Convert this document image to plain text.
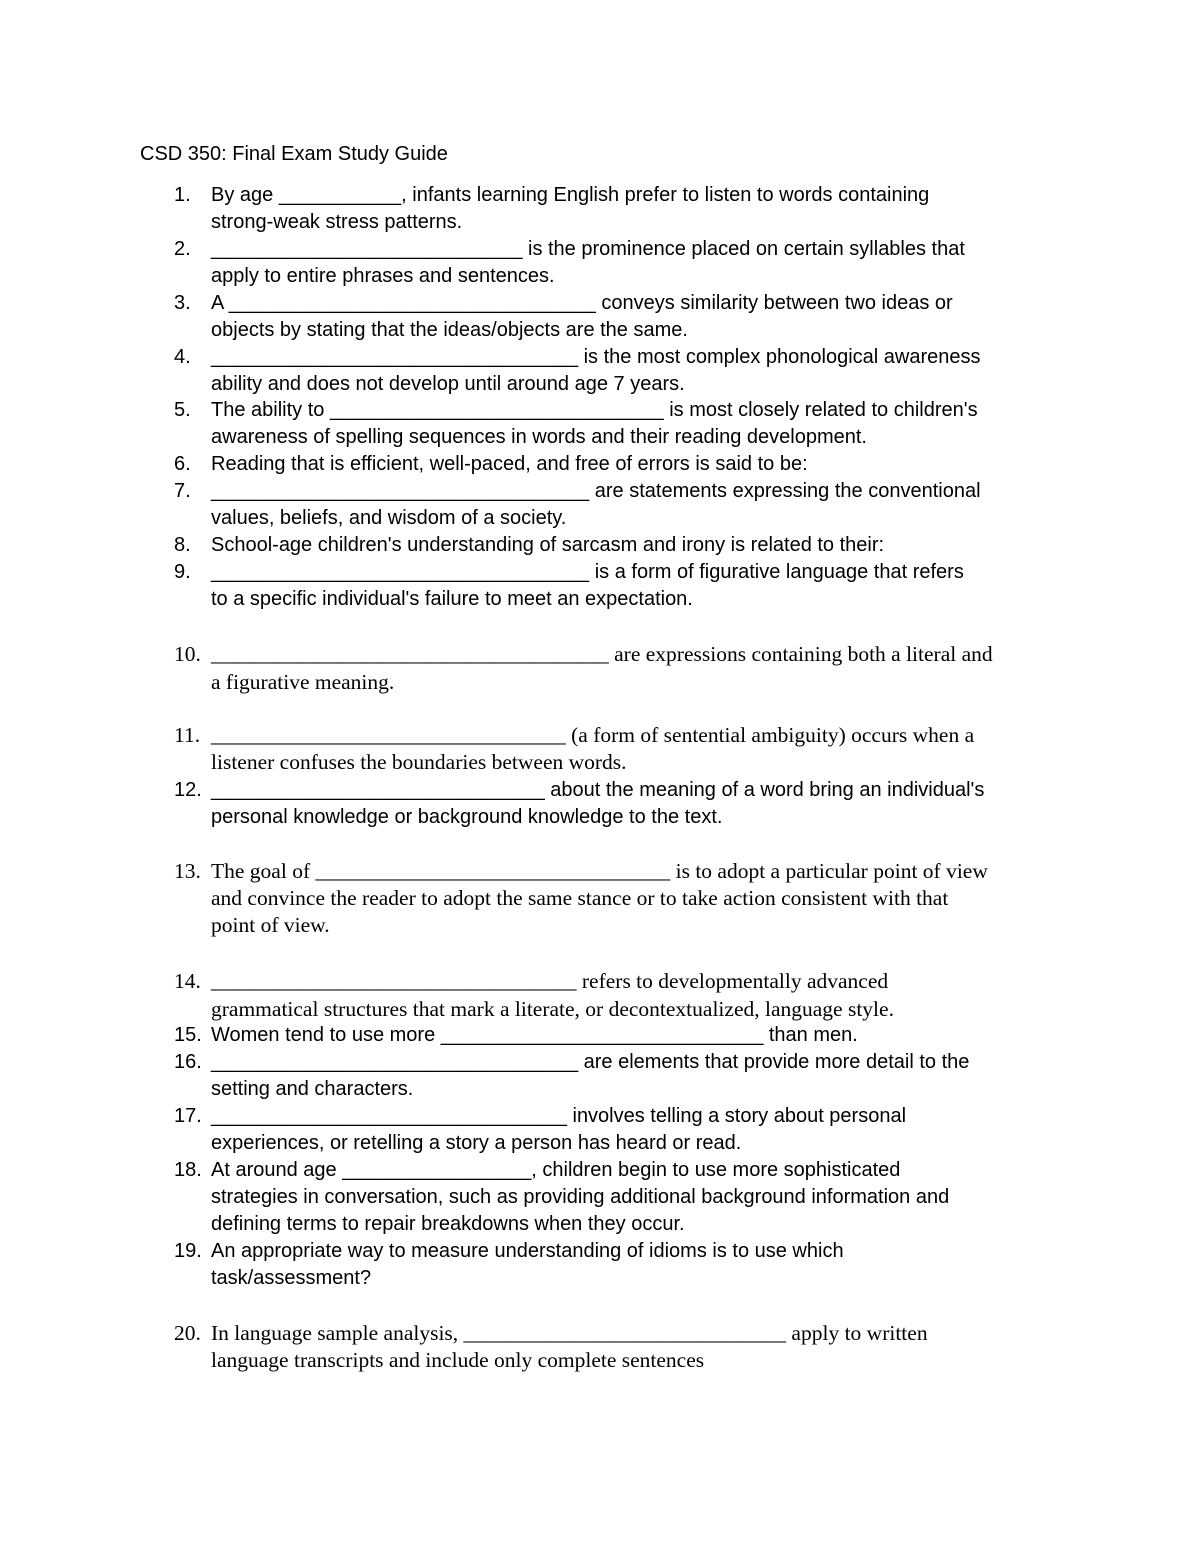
CSD 350: Final Exam Study Guide
1. By age ___________, infants learning English prefer to listen to words containing
strong-weak stress patterns.
2. ____________________________ is the prominence placed on certain syllables that
apply to entire phrases and sentences.
3. A _________________________________ conveys similarity between two ideas or
objects by stating that the ideas/objects are the same.
4. _________________________________ is the most complex phonological awareness
ability and does not develop until around age 7 years.
5. The ability to ______________________________ is most closely related to children's
awareness of spelling sequences in words and their reading development.
6. Reading that is efficient, well-paced, and free of errors is said to be:
7. __________________________________ are statements expressing the conventional
values, beliefs, and wisdom of a society.
8. School-age children's understanding of sarcasm and irony is related to their:
9. __________________________________ is a form of figurative language that refers
to a specific individual's failure to meet an expectation.
10. _____________________________________ are expressions containing both a literal and
a figurative meaning.
11. _________________________________ (a form of sentential ambiguity) occurs when a
listener confuses the boundaries between words.
12. ______________________________ about the meaning of a word bring an individual's
personal knowledge or background knowledge to the text.
13. The goal of _________________________________ is to adopt a particular point of view
and convince the reader to adopt the same stance or to take action consistent with that
point of view.
14. __________________________________ refers to developmentally advanced
grammatical structures that mark a literate, or decontextualized, language style.
15. Women tend to use more _____________________________ than men.
16. _________________________________ are elements that provide more detail to the
setting and characters.
17. ________________________________ involves telling a story about personal
experiences, or retelling a story a person has heard or read.
18. At around age _________________, children begin to use more sophisticated
strategies in conversation, such as providing additional background information and
defining terms to repair breakdowns when they occur.
19. An appropriate way to measure understanding of idioms is to use which
task/assessment?
20. In language sample analysis, ______________________________ apply to written
language transcripts and include only complete sentences
